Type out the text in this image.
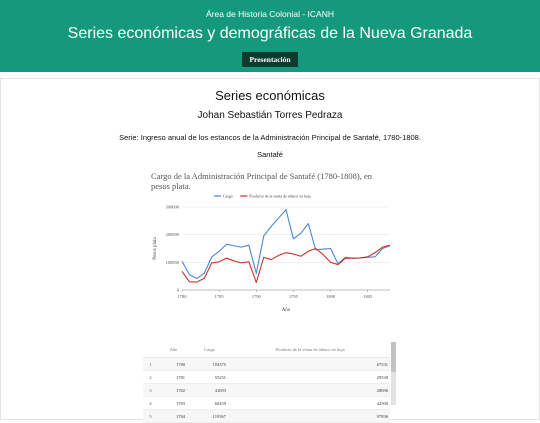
Área de Historia Colonial - ICANH
Series económicas y demográficas de la Nueva Granada
Presentación
Series económicas
Johan Sebastián Torres Pedraza
Serie: Ingreso anual de los estancos de la Administración Principal de Santafé, 1780-1808.
Santafé
Cargo de la Administración Principal de Santafé (1780-1808), en pesos plata.
0
100000
200000
300000
1780	1785	1790	1795	1800	1805
Año
Pesos plata
Cargo	Producto de la venta de tabaco en hoja
	Año	Cargo	Producto de la venta de tabaco en hoja
1	1780	104375	67531
2	1781	55251	29530
3	1782	41693	28696
4	1783	60459	42500
5	1784	119367	97836
